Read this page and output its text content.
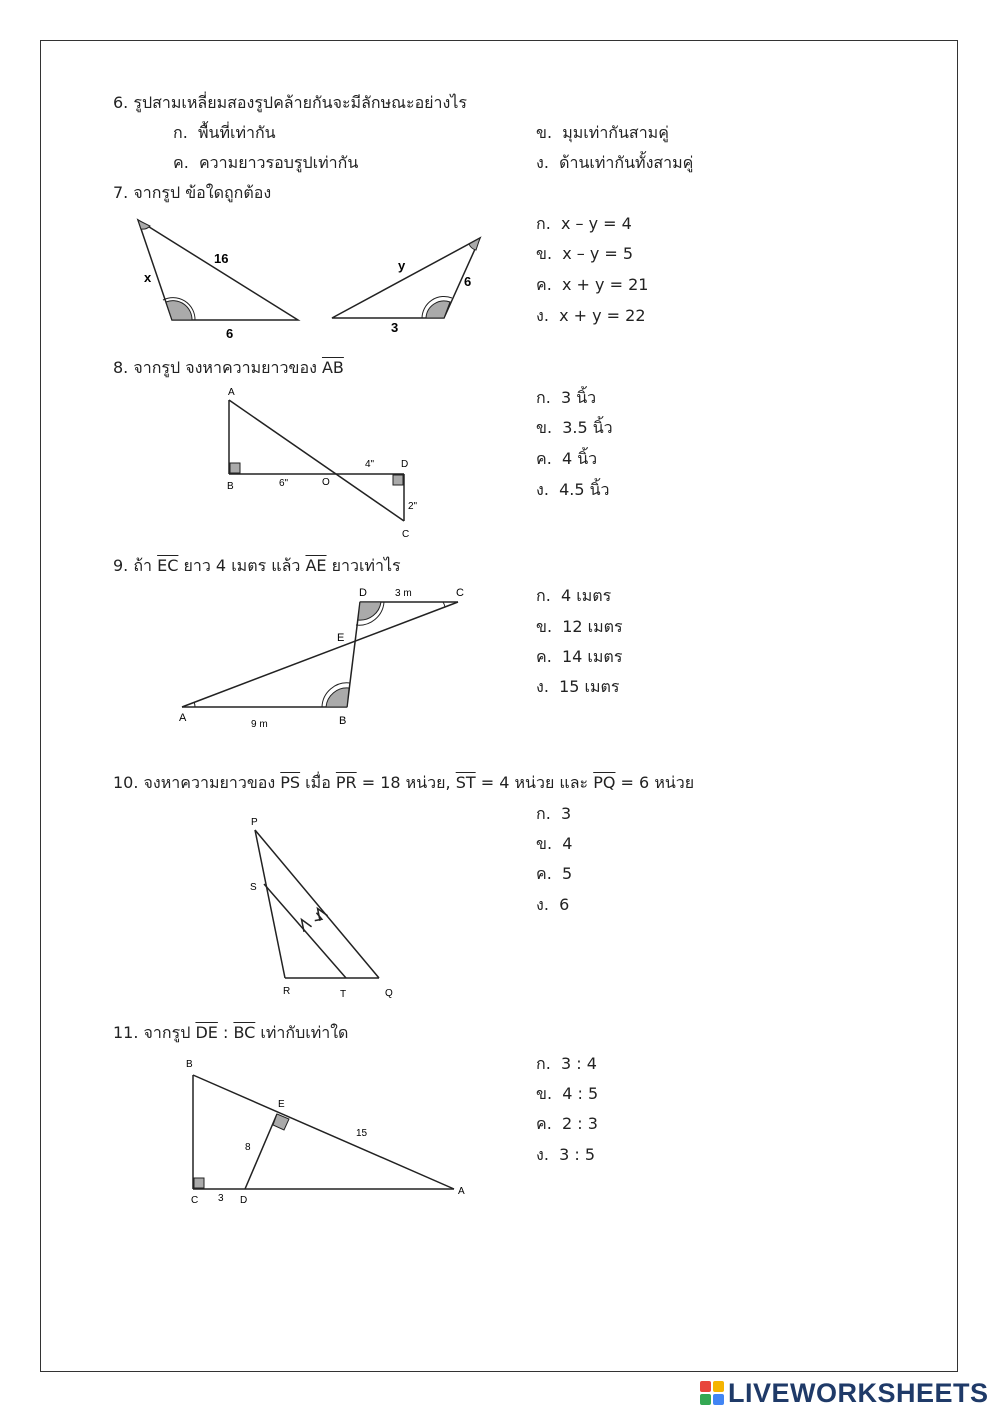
6. รูปสามเหลี่ยมสองรูปคล้ายกันจะมีลักษณะอย่างไร
ก. พื้นที่เท่ากัน	ข. มุมเท่ากันสามคู่
ค. ความยาวรอบรูปเท่ากัน	ง. ด้านเท่ากันทั้งสามคู่
7. จากรูป ข้อใดถูกต้อง
ก. x – y = 4
ข. x – y = 5
ค. x + y = 21
ง. x + y = 22
x
16
6
y
6
3
8. จากรูป จงหาความยาวของ $\overline{AB}$
ก. 3 นิ้ว
ข. 3.5 นิ้ว
ค. 4 นิ้ว
ง. 4.5 นิ้ว
A
B	O
D
C
6"
4"
2"
9. ถ้า $\overline{EC}$ ยาว 4 เมตร แล้ว $\overline{AE}$ ยาวเท่าไร
ก. 4 เมตร
ข. 12 เมตร
ค. 14 เมตร
ง. 15 เมตร
D	C
E
A	B
3 m
9 m
10. จงหาความยาวของ $\overline{PS}$ เมื่อ $\overline{PR} = 18$ หน่วย, $\overline{ST} = 4$ หน่วย และ $\overline{PQ} = 6$ หน่วย
ก. 3
ข. 4
ค. 5
ง. 6
P
S
R	T	Q
11. จากรูป $\overline{DE}$ : $\overline{BC}$ เท่ากับเท่าใด
ก. 3 : 4
ข. 4 : 5
ค. 2 : 3
ง. 3 : 5
B
E
C	D
A
8
15
3
LIVEWORKSHEETS
